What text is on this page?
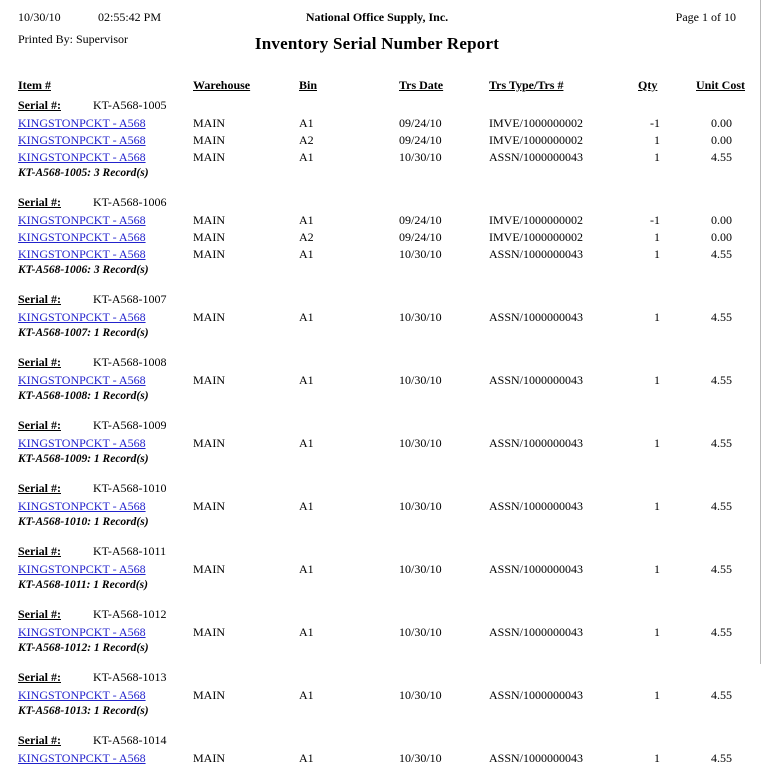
10/30/10	02:55:42 PM	National Office Supply, Inc.	Page 1 of 10
Printed By: Supervisor	Inventory Serial Number Report
Item #	Warehouse	Bin	Trs Date	Trs Type/Trs #	Qty	Unit Cost
Serial #:	KT-A568-1005
KINGSTONPCKT - A568	MAIN	A1	09/24/10	IMVE/1000000002	-1	0.00
KINGSTONPCKT - A568	MAIN	A2	09/24/10	IMVE/1000000002	1	0.00
KINGSTONPCKT - A568	MAIN	A1	10/30/10	ASSN/1000000043	1	4.55
KT-A568-1005: 3 Record(s)
Serial #:	KT-A568-1006
KINGSTONPCKT - A568	MAIN	A1	09/24/10	IMVE/1000000002	-1	0.00
KINGSTONPCKT - A568	MAIN	A2	09/24/10	IMVE/1000000002	1	0.00
KINGSTONPCKT - A568	MAIN	A1	10/30/10	ASSN/1000000043	1	4.55
KT-A568-1006: 3 Record(s)
Serial #:	KT-A568-1007
KINGSTONPCKT - A568	MAIN	A1	10/30/10	ASSN/1000000043	1	4.55
KT-A568-1007: 1 Record(s)
Serial #:	KT-A568-1008
KINGSTONPCKT - A568	MAIN	A1	10/30/10	ASSN/1000000043	1	4.55
KT-A568-1008: 1 Record(s)
Serial #:	KT-A568-1009
KINGSTONPCKT - A568	MAIN	A1	10/30/10	ASSN/1000000043	1	4.55
KT-A568-1009: 1 Record(s)
Serial #:	KT-A568-1010
KINGSTONPCKT - A568	MAIN	A1	10/30/10	ASSN/1000000043	1	4.55
KT-A568-1010: 1 Record(s)
Serial #:	KT-A568-1011
KINGSTONPCKT - A568	MAIN	A1	10/30/10	ASSN/1000000043	1	4.55
KT-A568-1011: 1 Record(s)
Serial #:	KT-A568-1012
KINGSTONPCKT - A568	MAIN	A1	10/30/10	ASSN/1000000043	1	4.55
KT-A568-1012: 1 Record(s)
Serial #:	KT-A568-1013
KINGSTONPCKT - A568	MAIN	A1	10/30/10	ASSN/1000000043	1	4.55
KT-A568-1013: 1 Record(s)
Serial #:	KT-A568-1014
KINGSTONPCKT - A568	MAIN	A1	10/30/10	ASSN/1000000043	1	4.55
